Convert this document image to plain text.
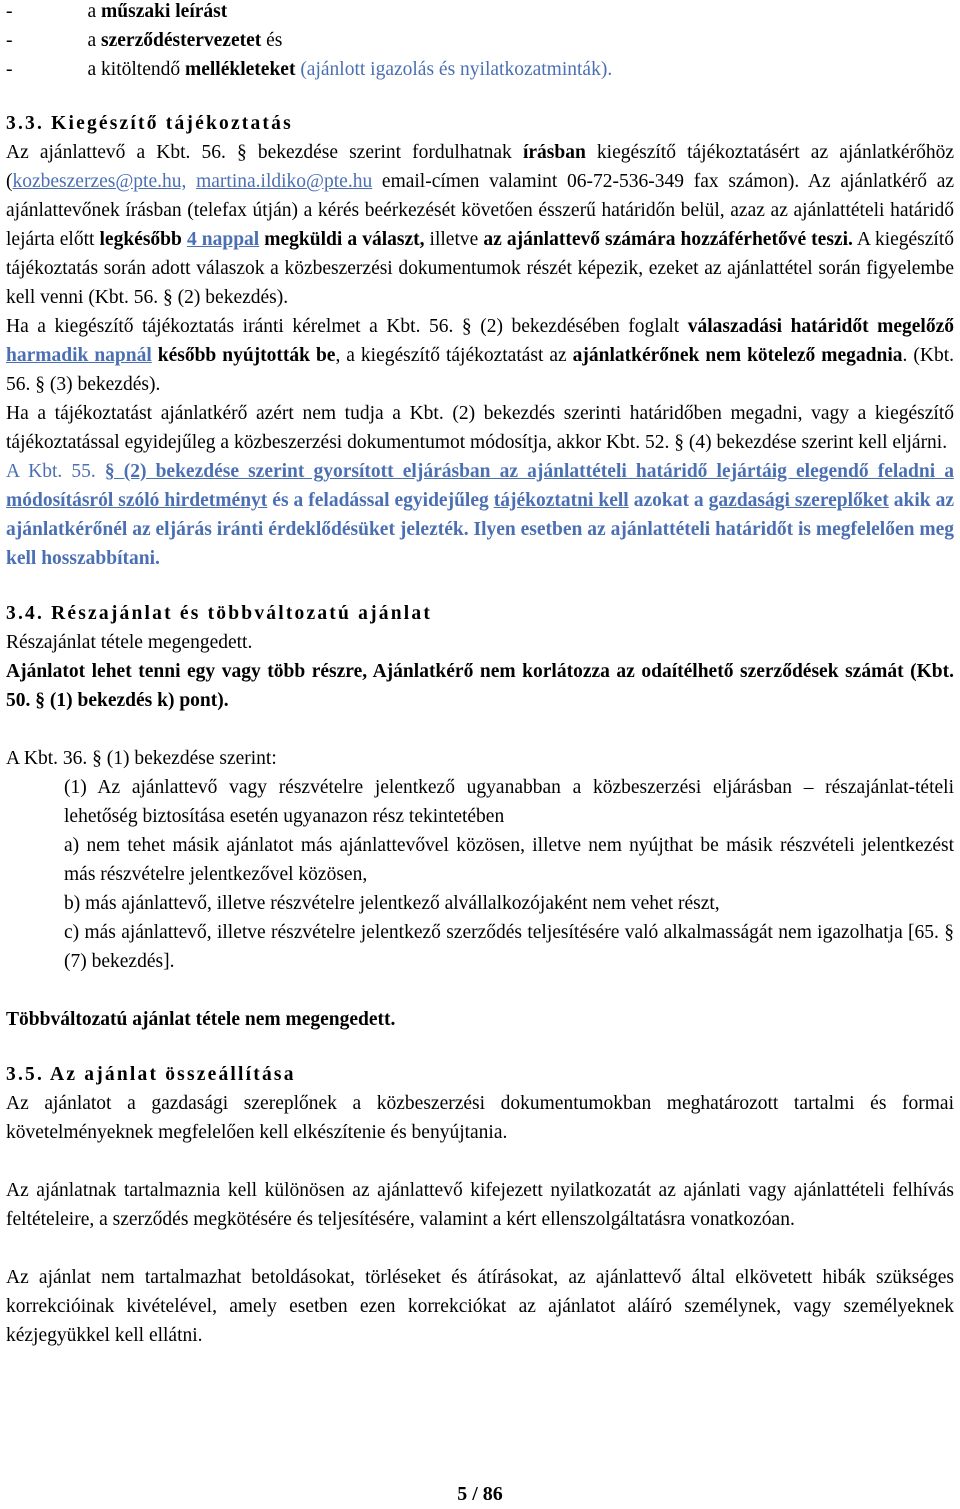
-	a műszaki leírást

-	a szerződéstervezetet és

-	a kitöltendő mellékleteket (ajánlott igazolás és nyilatkozatminták).

3.3. Kiegészítő tájékoztatás

Az ajánlattevő a Kbt. 56. § bekezdése szerint fordulhatnak írásban kiegészítő tájékoztatásért az ajánlatkérőhöz (kozbeszerzes@pte.hu, martina.ildiko@pte.hu email-címen valamint 06-72-536-349 fax számon). Az ajánlatkérő az ajánlattevőnek írásban (telefax útján) a kérés beérkezését követően ésszerű határidőn belül, azaz az ajánlattételi határidő lejárta előtt legkésőbb 4 nappal megküldi a választ, illetve az ajánlattevő számára hozzáférhetővé teszi. A kiegészítő tájékoztatás során adott válaszok a közbeszerzési dokumentumok részét képezik, ezeket az ajánlattétel során figyelembe kell venni (Kbt. 56. § (2) bekezdés).

Ha a kiegészítő tájékoztatás iránti kérelmet a Kbt. 56. § (2) bekezdésében foglalt válaszadási határidőt megelőző harmadik napnál később nyújtották be, a kiegészítő tájékoztatást az ajánlatkérőnek nem kötelező megadnia. (Kbt. 56. § (3) bekezdés).

Ha a tájékoztatást ajánlatkérő azért nem tudja a Kbt. (2) bekezdés szerinti határidőben megadni, vagy a kiegészítő tájékoztatással egyidejűleg a közbeszerzési dokumentumot módosítja, akkor Kbt. 52. § (4) bekezdése szerint kell eljárni.

A Kbt. 55. § (2) bekezdése szerint gyorsított eljárásban az ajánlattételi határidő lejártáig elegendő feladni a módosításról szóló hirdetményt és a feladással egyidejűleg tájékoztatni kell azokat a gazdasági szereplőket akik az ajánlatkérőnél az eljárás iránti érdeklődésüket jelezték. Ilyen esetben az ajánlattételi határidőt is megfelelően meg kell hosszabbítani.

3.4. Részajánlat és többváltozatú ajánlat

Részajánlat tétele megengedett.

Ajánlatot lehet tenni egy vagy több részre, Ajánlatkérő nem korlátozza az odaítélhető szerződések számát (Kbt. 50. § (1) bekezdés k) pont).

A Kbt. 36. § (1) bekezdése szerint:

(1) Az ajánlattevő vagy részvételre jelentkező ugyanabban a közbeszerzési eljárásban – részajánlat-tételi lehetőség biztosítása esetén ugyanazon rész tekintetében

a) nem tehet másik ajánlatot más ajánlattevővel közösen, illetve nem nyújthat be másik részvételi jelentkezést más részvételre jelentkezővel közösen,

b) más ajánlattevő, illetve részvételre jelentkező alvállalkozójaként nem vehet részt,

c) más ajánlattevő, illetve részvételre jelentkező szerződés teljesítésére való alkalmasságát nem igazolhatja [65. § (7) bekezdés].

Többváltozatú ajánlat tétele nem megengedett.

3.5. Az ajánlat összeállítása

Az ajánlatot a gazdasági szereplőnek a közbeszerzési dokumentumokban meghatározott tartalmi és formai követelményeknek megfelelően kell elkészítenie és benyújtania.

Az ajánlatnak tartalmaznia kell különösen az ajánlattevő kifejezett nyilatkozatát az ajánlati vagy ajánlattételi felhívás feltételeire, a szerződés megkötésére és teljesítésére, valamint a kért ellenszolgáltatásra vonatkozóan.

Az ajánlat nem tartalmazhat betoldásokat, törléseket és átírásokat, az ajánlattevő által elkövetett hibák szükséges korrekcióinak kivételével, amely esetben ezen korrekciókat az ajánlatot aláíró személynek, vagy személyeknek kézjegyükkel kell ellátni.

5 / 86
